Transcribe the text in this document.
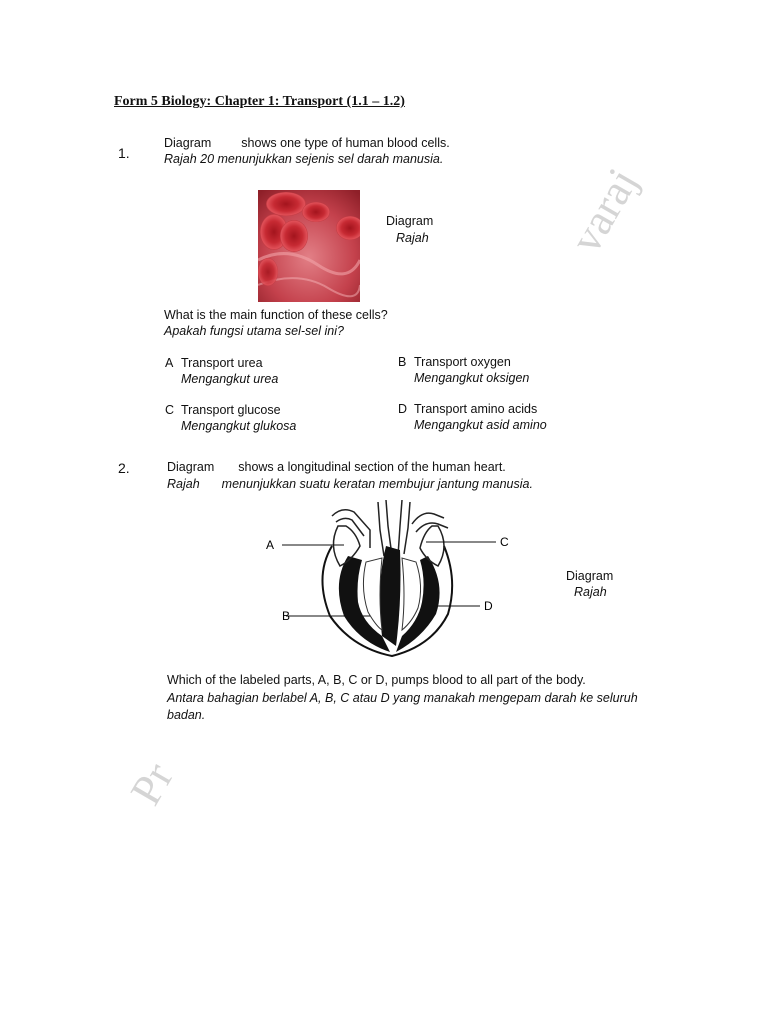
Form 5 Biology: Chapter 1: Transport (1.1 – 1.2)
1.
Diagram shows one type of human blood cells.
Rajah 20 menunjukkan sejenis sel darah manusia.
Diagram
Rajah
What is the main function of these cells?
Apakah fungsi utama sel-sel ini?
A Transport urea
Mengangkut urea
B Transport oxygen
Mengangkut oksigen
C Transport glucose
Mengangkut glukosa
D Transport amino acids
Mengangkut asid amino
2.	Diagram shows a longitudinal section of the human heart.
Rajah menunjukkan suatu keratan membujur jantung manusia.
A
B
C
D
Diagram
Rajah
Which of the labeled parts, A, B, C or D, pumps blood to all part of the body.
Antara bahagian berlabel A, B, C atau D yang manakah mengepam darah ke seluruh
badan.
varaj
Pr
